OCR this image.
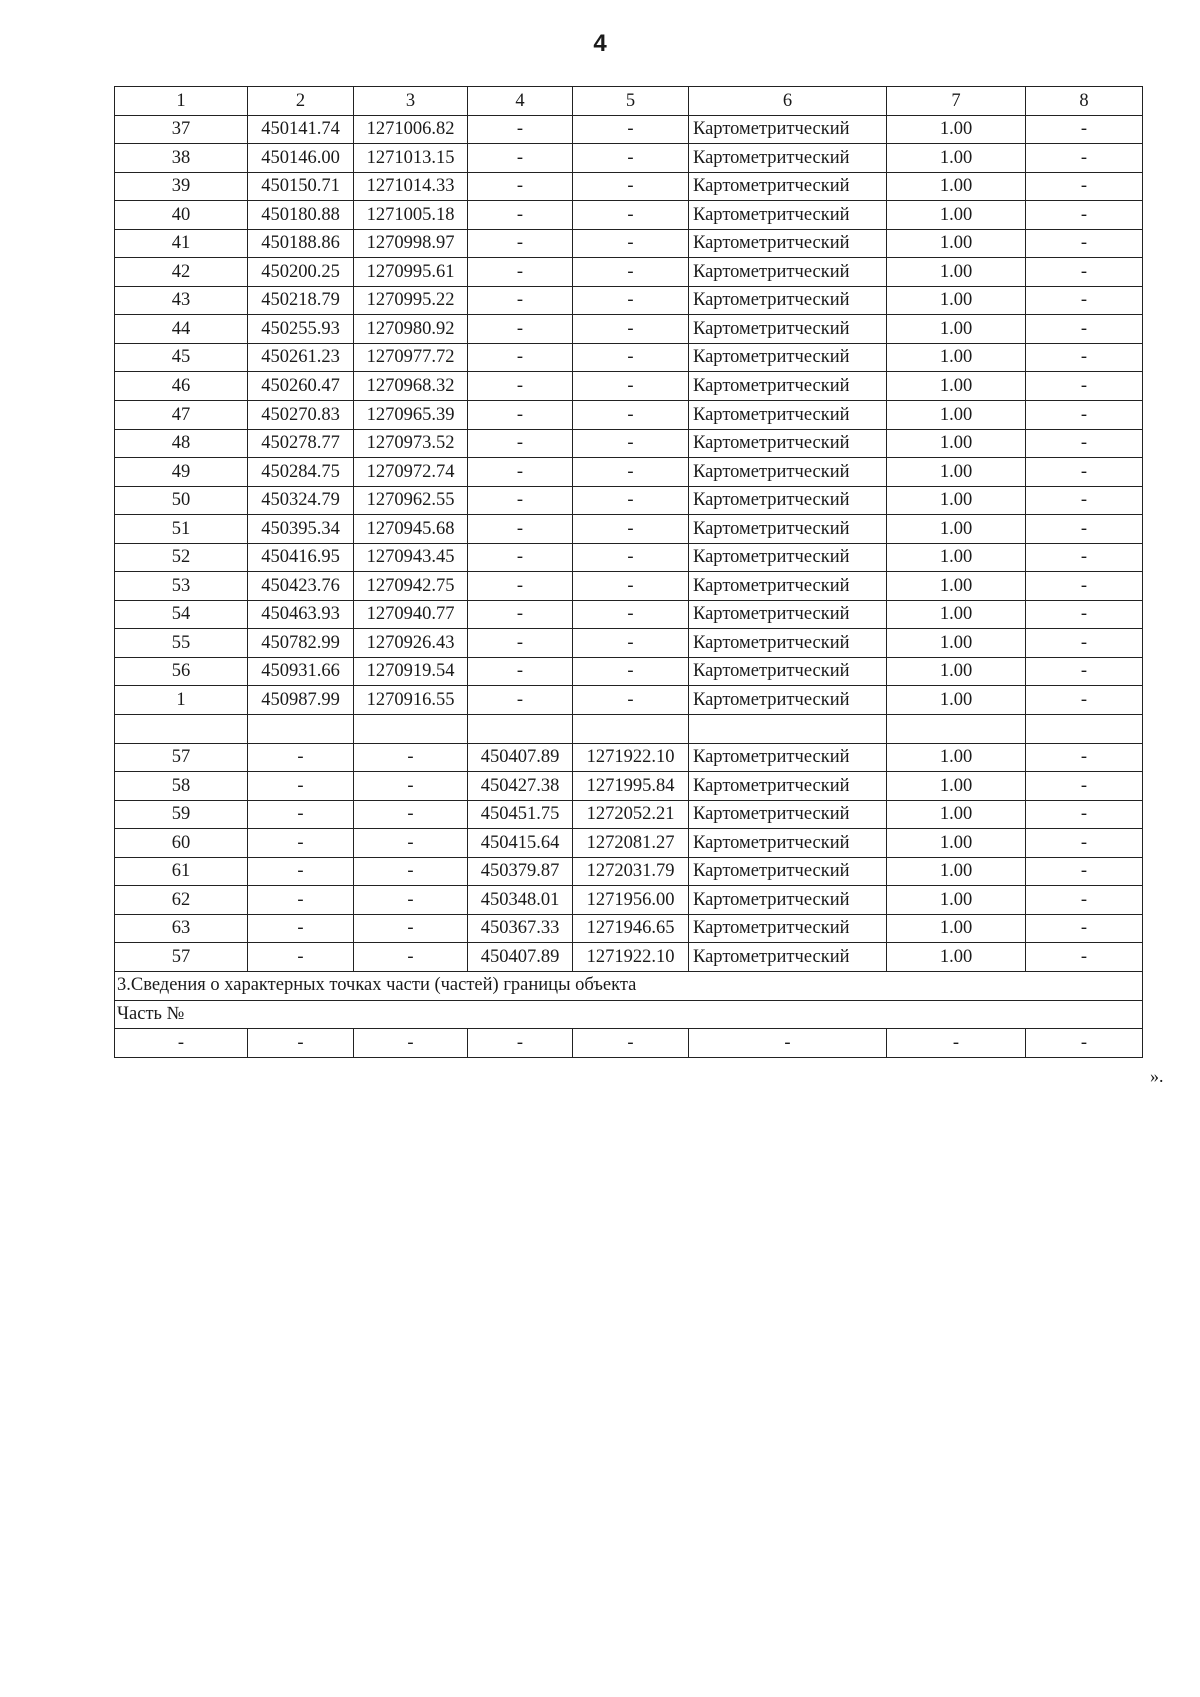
4
1	2	3	4	5	6	7	8
37	450141.74	1271006.82	-	-	Картометритческий	1.00	-
38	450146.00	1271013.15	-	-	Картометритческий	1.00	-
39	450150.71	1271014.33	-	-	Картометритческий	1.00	-
40	450180.88	1271005.18	-	-	Картометритческий	1.00	-
41	450188.86	1270998.97	-	-	Картометритческий	1.00	-
42	450200.25	1270995.61	-	-	Картометритческий	1.00	-
43	450218.79	1270995.22	-	-	Картометритческий	1.00	-
44	450255.93	1270980.92	-	-	Картометритческий	1.00	-
45	450261.23	1270977.72	-	-	Картометритческий	1.00	-
46	450260.47	1270968.32	-	-	Картометритческий	1.00	-
47	450270.83	1270965.39	-	-	Картометритческий	1.00	-
48	450278.77	1270973.52	-	-	Картометритческий	1.00	-
49	450284.75	1270972.74	-	-	Картометритческий	1.00	-
50	450324.79	1270962.55	-	-	Картометритческий	1.00	-
51	450395.34	1270945.68	-	-	Картометритческий	1.00	-
52	450416.95	1270943.45	-	-	Картометритческий	1.00	-
53	450423.76	1270942.75	-	-	Картометритческий	1.00	-
54	450463.93	1270940.77	-	-	Картометритческий	1.00	-
55	450782.99	1270926.43	-	-	Картометритческий	1.00	-
56	450931.66	1270919.54	-	-	Картометритческий	1.00	-
1	450987.99	1270916.55	-	-	Картометритческий	1.00	-

57	-	-	450407.89	1271922.10	Картометритческий	1.00	-
58	-	-	450427.38	1271995.84	Картометритческий	1.00	-
59	-	-	450451.75	1272052.21	Картометритческий	1.00	-
60	-	-	450415.64	1272081.27	Картометритческий	1.00	-
61	-	-	450379.87	1272031.79	Картометритческий	1.00	-
62	-	-	450348.01	1271956.00	Картометритческий	1.00	-
63	-	-	450367.33	1271946.65	Картометритческий	1.00	-
57	-	-	450407.89	1271922.10	Картометритческий	1.00	-
3.Сведения о характерных точках части (частей) границы объекта							
Часть №							
-	-	-	-	-	-	-	-
».
